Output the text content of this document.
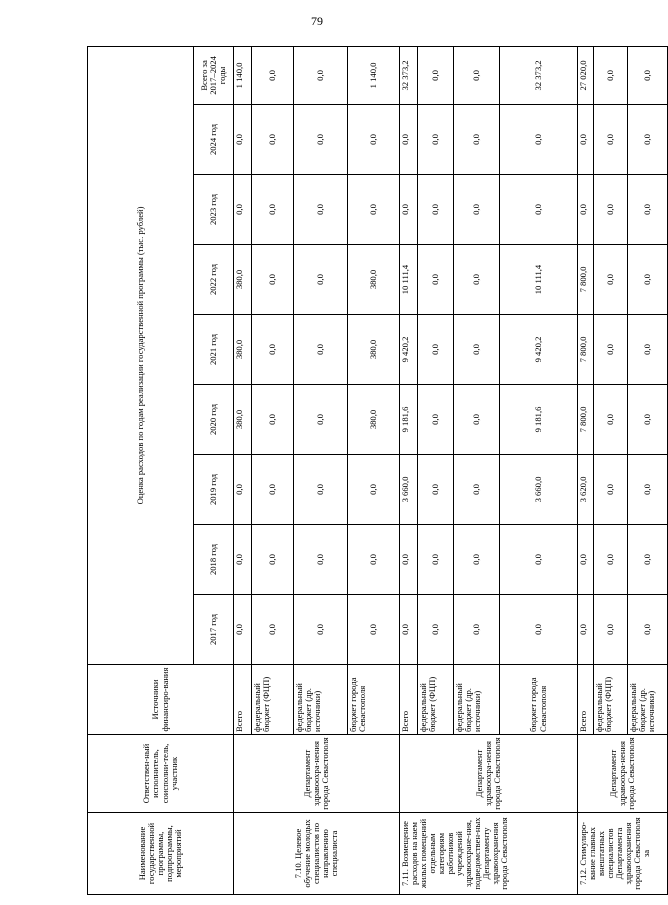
79
Наименование государственной программы, подпрограммы, мероприятий	Ответствен-ный исполнитель, соисполни-тель, участник	Источники финансиро-вания	Оценка расходов по годам реализации государственной программы (тыс. рублей)								
			2017 год	2018 год	2019 год	2020 год	2021 год	2022 год	2023 год	2024 год	Всего за 2017–2024 годы
7.10. Целевое обучение молодых специалистов по направлению специалиста	Департамент здравоохра-нения города Севастополя	Всего	0,0	0,0	0,0	380,0	380,0	380,0	0,0	0,0	1 140,0
		федеральный бюджет (ФЦП)	0,0	0,0	0,0	0,0	0,0	0,0	0,0	0,0	0,0
		федеральный бюджет (др. источники)	0,0	0,0	0,0	0,0	0,0	0,0	0,0	0,0	0,0
		бюджет города Севастополя	0,0	0,0	0,0	380,0	380,0	380,0	0,0	0,0	1 140,0
7.11. Возмещение расходов на наем жилых помещений отдельным категориям работников учреждений здравоохране-ния, подведомствен-ных Департаменту здравоохранения города Севастополя	Департамент здравоохра-нения города Севастополя	Всего	0,0	0,0	3 660,0	9 181,6	9 420,2	10 111,4	0,0	0,0	32 373,2
		федеральный бюджет (ФЦП)	0,0	0,0	0,0	0,0	0,0	0,0	0,0	0,0	0,0
		федеральный бюджет (др. источники)	0,0	0,0	0,0	0,0	0,0	0,0	0,0	0,0	0,0
		бюджет города Севастополя	0,0	0,0	3 660,0	9 181,6	9 420,2	10 111,4	0,0	0,0	32 373,2
7.12. Стимулиро-вание главных внештатных специалистов Департамента здравоохранения города Севастополя за	Департамент здравоохра-нения города Севастополя	Всего	0,0	0,0	3 620,0	7 800,0	7 800,0	7 800,0	0,0	0,0	27 020,0
		федеральный бюджет (ФЦП)	0,0	0,0	0,0	0,0	0,0	0,0	0,0	0,0	0,0
		федеральный бюджет (др. источники)	0,0	0,0	0,0	0,0	0,0	0,0	0,0	0,0	0,0
